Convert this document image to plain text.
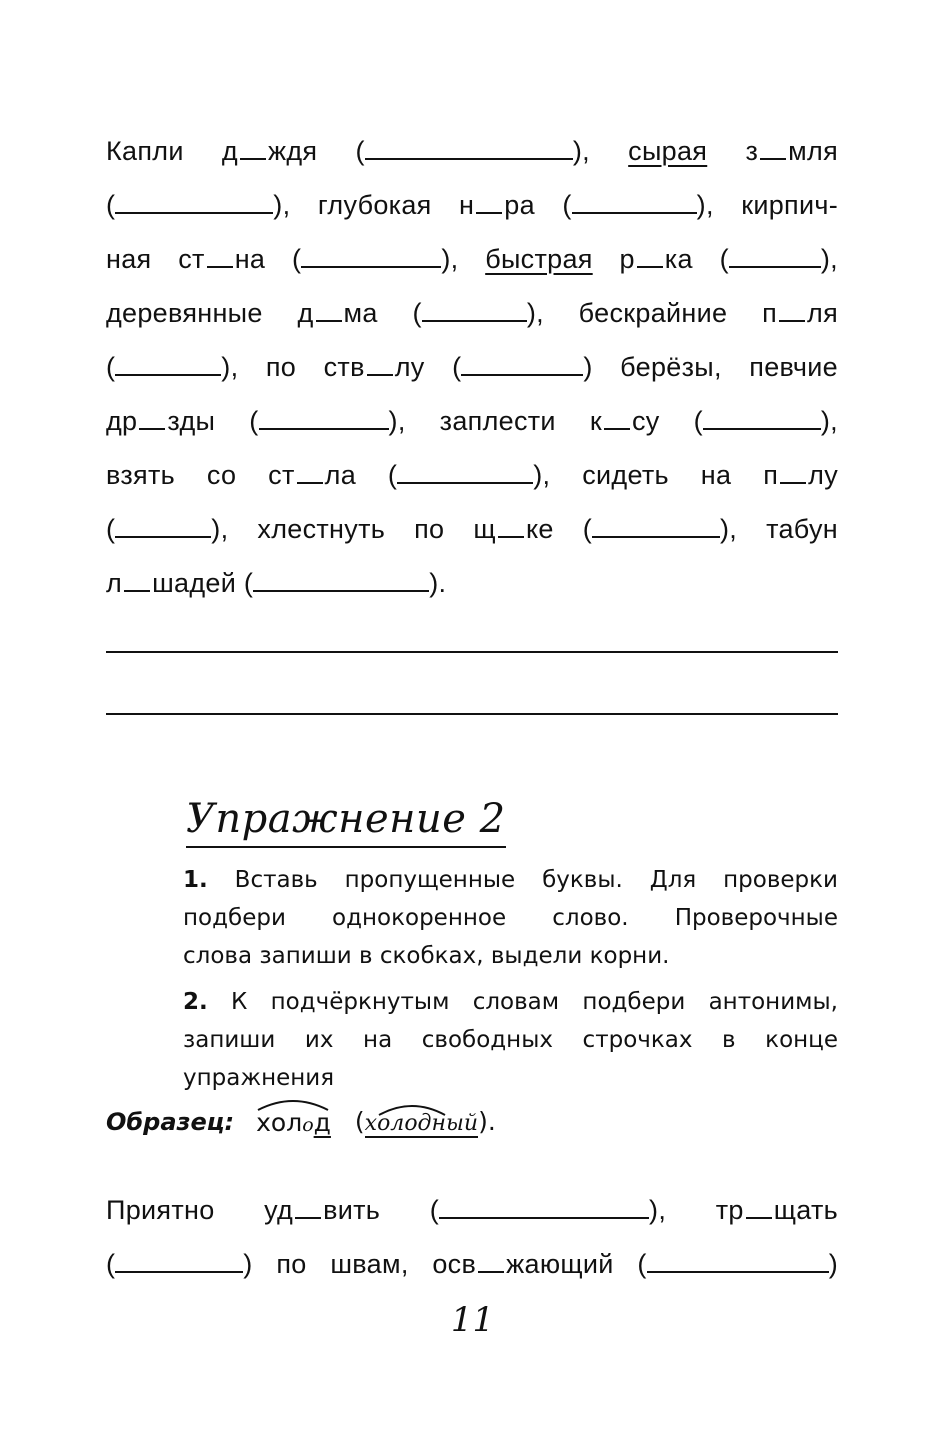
Капли д ждя (	), сырая з мля
(	), глубокая н ра (	), кирпич-
ная ст на (	), быстрая р ка (	),
деревянные д ма (	), бескрайние п ля
(	), по ств лу (	) берёзы, певчие
др зды (	), заплести к су (	),
взять со ст ла (	), сидеть на п лу
(	), хлестнуть по щ ке (	), табун
л шадей (	).
Упражнение 2
1. Вставь пропущенные буквы. Для проверки
подбери однокоренное слово. Проверочные
слова запиши в скобках, выдели корни.
2. К подчёркнутым словам подбери антонимы,
запиши их на свободных строчках в конце
упражнения
Образец: холод (
холодный).
Приятно уд вить (	), тр щать
(	) по швам, осв жающий (	)
11
